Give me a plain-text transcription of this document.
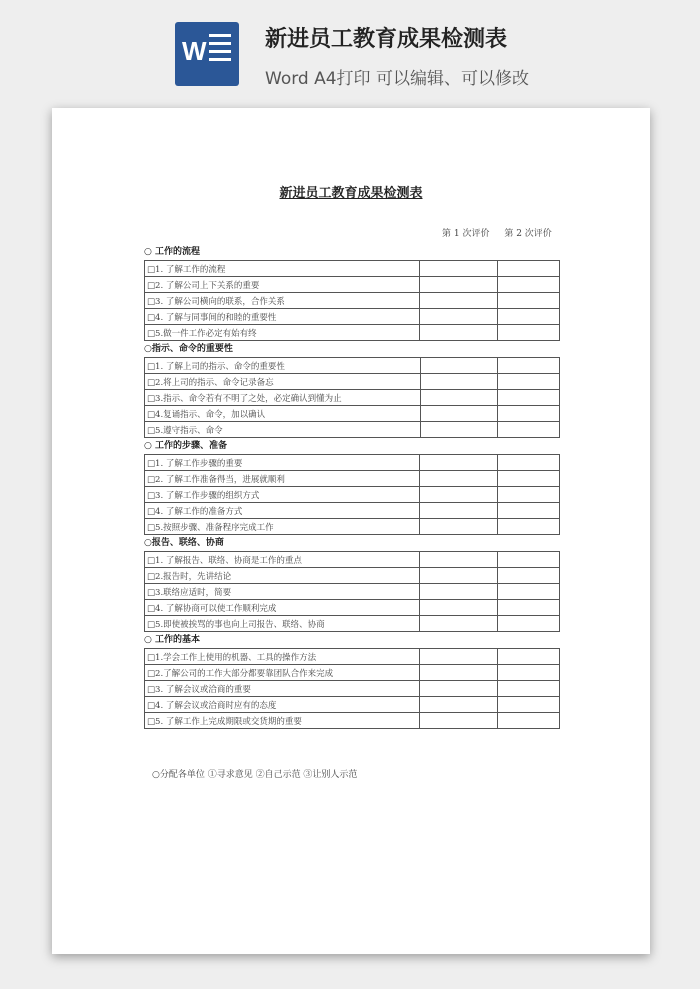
W	新进员工教育成果检测表
Word A4打印 可以编辑、可以修改
新进员工教育成果检测表
第 1 次评价 第 2 次评价
○ 工作的流程
□1. 了解工作的流程		
□2. 了解公司上下关系的重要		
□3. 了解公司横向的联系，合作关系		
□4. 了解与同事间的和睦的重要性		
□5.做一件工作必定有始有终		
○指示、命令的重要性
□1. 了解上司的指示、命令的重要性		
□2.将上司的指示、命令记录备忘		
□3.指示、命令若有不明了之处，必定确认到懂为止		
□4.复诵指示、命令，加以确认		
□5.遵守指示、命令		
○ 工作的步骤、准备
□1. 了解工作步骤的重要		
□2. 了解工作准备得当，进展就顺利		
□3. 了解工作步骤的组织方式		
□4. 了解工作的准备方式		
□5.按照步骤、准备程序完成工作		
○报告、联络、协商
□1. 了解报告、联络、协商是工作的重点		
□2.报告时，先讲结论		
□3.联络应适时，简要		
□4. 了解协商可以使工作顺利完成		
□5.即使被挨骂的事也向上司报告、联络、协商		
○ 工作的基本
□1.学会工作上使用的机器、工具的操作方法		
□2.了解公司的工作大部分都要靠团队合作来完成		
□3. 了解会议或洽商的重要		
□4. 了解会议或洽商时应有的态度		
□5. 了解工作上完成期限或交货期的重要		
○分配各单位 ①寻求意见 ②自己示范 ③让别人示范
